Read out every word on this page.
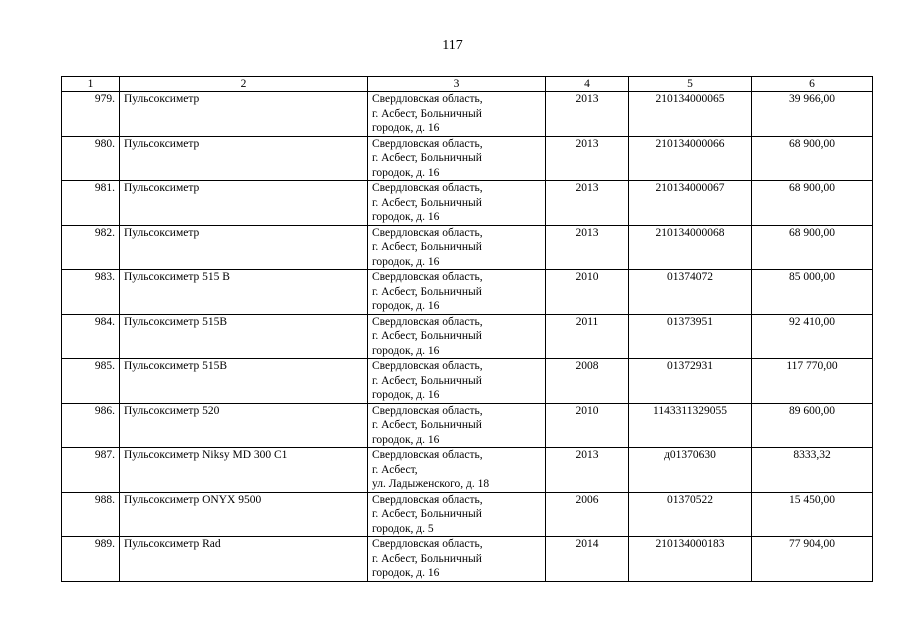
117
1	2	3	4	5	6
979.	Пульсоксиметр	Свердловская область,
г. Асбест, Больничный
городок, д. 16	2013	210134000065	39 966,00
980.	Пульсоксиметр	Свердловская область,
г. Асбест, Больничный
городок, д. 16	2013	210134000066	68 900,00
981.	Пульсоксиметр	Свердловская область,
г. Асбест, Больничный
городок, д. 16	2013	210134000067	68 900,00
982.	Пульсоксиметр	Свердловская область,
г. Асбест, Больничный
городок, д. 16	2013	210134000068	68 900,00
983.	Пульсоксиметр 515 В	Свердловская область,
г. Асбест, Больничный
городок, д. 16	2010	01374072	85 000,00
984.	Пульсоксиметр 515В	Свердловская область,
г. Асбест, Больничный
городок, д. 16	2011	01373951	92 410,00
985.	Пульсоксиметр 515В	Свердловская область,
г. Асбест, Больничный
городок, д. 16	2008	01372931	117 770,00
986.	Пульсоксиметр 520	Свердловская область,
г. Асбест, Больничный
городок, д. 16	2010	1143311329055	89 600,00
987.	Пульсоксиметр Niksy MD 300 C1	Свердловская область,
г. Асбест,
ул. Ладыженского, д. 18	2013	д01370630	8333,32
988.	Пульсоксиметр ONYX 9500	Свердловская область,
г. Асбест, Больничный
городок, д. 5	2006	01370522	15 450,00
989.	Пульсоксиметр Rad	Свердловская область,
г. Асбест, Больничный
городок, д. 16	2014	210134000183	77 904,00
